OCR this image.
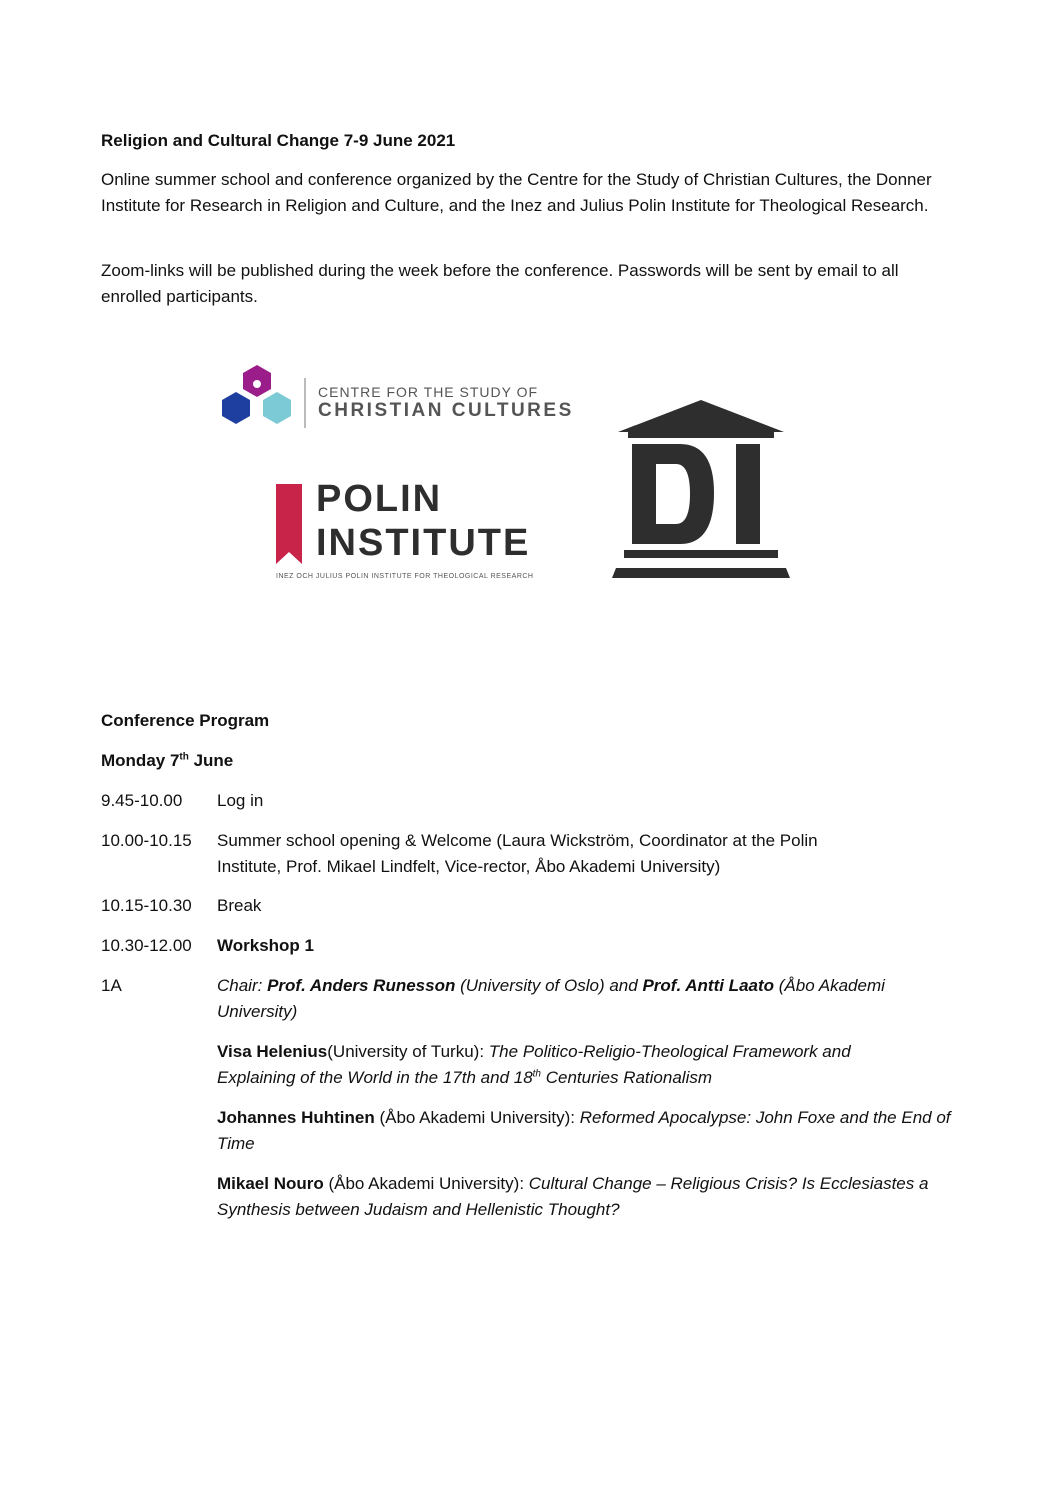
Religion and Cultural Change 7-9 June 2021
Online summer school and conference organized by the Centre for the Study of Christian Cultures, the Donner Institute for Research in Religion and Culture, and the Inez and Julius Polin Institute for Theological Research.
Zoom-links will be published during the week before the conference. Passwords will be sent by email to all enrolled participants.
CENTRE FOR THE STUDY OF
CHRISTIAN CULTURES
POLIN
INSTITUTE
INEZ OCH JULIUS POLIN INSTITUTE FOR THEOLOGICAL RESEARCH
Conference Program
Monday 7th June
9.45-10.00	Log in
10.00-10.15	Summer school opening & Welcome (Laura Wickström, Coordinator at the Polin Institute, Prof. Mikael Lindfelt, Vice-rector, Åbo Akademi University)
10.15-10.30	Break
10.30-12.00	Workshop 1
1A	Chair: Prof. Anders Runesson (University of Oslo) and Prof. Antti Laato (Åbo Akademi University)
Visa Helenius(University of Turku): The Politico-Religio-Theological Framework and Explaining of the World in the 17th and 18th Centuries Rationalism
Johannes Huhtinen (Åbo Akademi University): Reformed Apocalypse: John Foxe and the End of Time
Mikael Nouro (Åbo Akademi University): Cultural Change – Religious Crisis? Is Ecclesiastes a Synthesis between Judaism and Hellenistic Thought?
